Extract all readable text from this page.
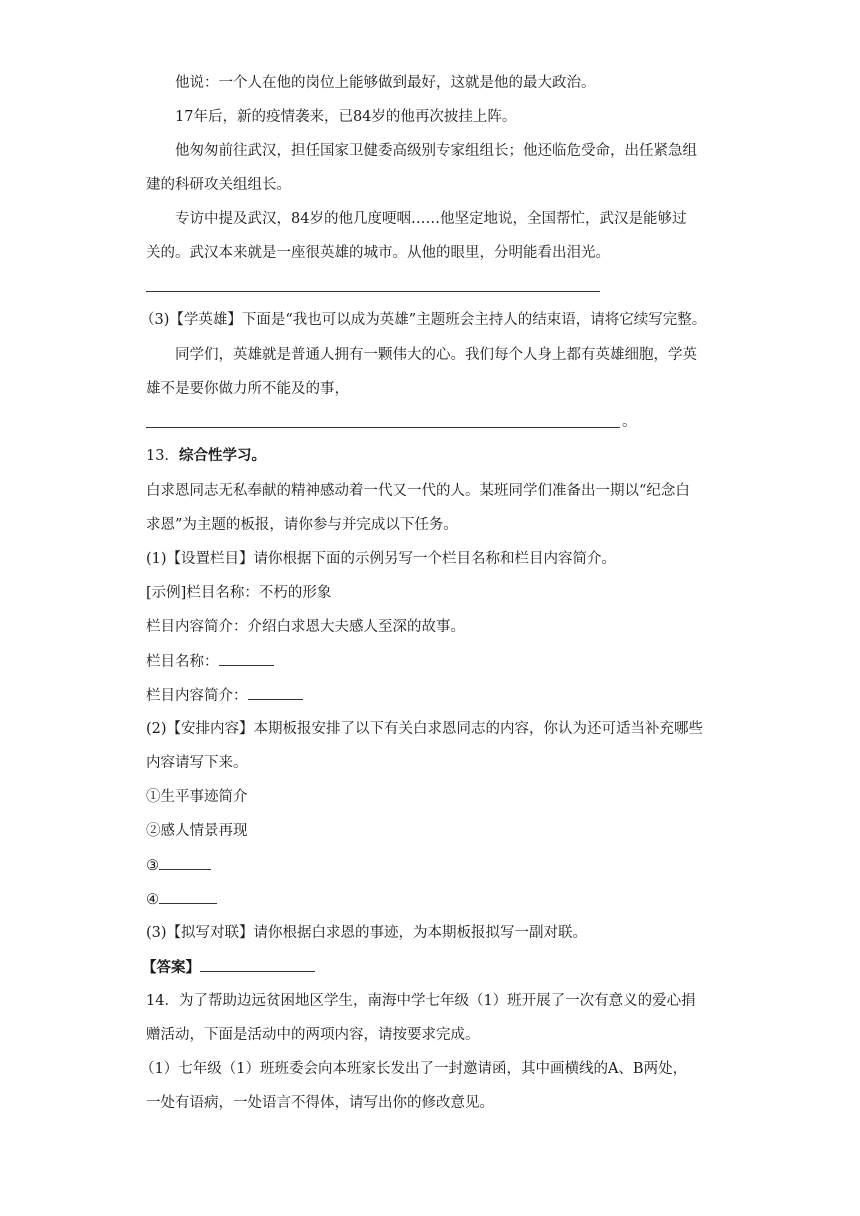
他说：一个人在他的岗位上能够做到最好，这就是他的最大政治。
17年后，新的疫情袭来，已84岁的他再次披挂上阵。
他匆匆前往武汉，担任国家卫健委高级别专家组组长；他还临危受命，出任紧急组
建的科研攻关组组长。
专访中提及武汉，84岁的他几度哽咽……他坚定地说，全国帮忙，武汉是能够过
关的。武汉本来就是一座很英雄的城市。从他的眼里，分明能看出泪光。
（3)【学英雄】下面是“我也可以成为英雄”主题班会主持人的结束语，请将它续写完整。
同学们，英雄就是普通人拥有一颗伟大的心。我们每个人身上都有英雄细胞，学英
雄不是要你做力所不能及的事，
。
13．综合性学习。
白求恩同志无私奉献的精神感动着一代又一代的人。某班同学们准备出一期以“纪念白
求恩”为主题的板报，请你参与并完成以下任务。
(1)【设置栏目】请你根据下面的示例另写一个栏目名称和栏目内容简介。
[示例]栏目名称：不朽的形象
栏目内容简介：介绍白求恩大夫感人至深的故事。
栏目名称：
栏目内容简介：
(2)【安排内容】本期板报安排了以下有关白求恩同志的内容，你认为还可适当补充哪些
内容请写下来。
①生平事迹简介
②感人情景再现
③
④
(3)【拟写对联】请你根据白求恩的事迹，为本期板报拟写一副对联。
【答案】
14．为了帮助边远贫困地区学生，南海中学七年级（1）班开展了一次有意义的爱心捐
赠活动，下面是活动中的两项内容，请按要求完成。
（1）七年级（1）班班委会向本班家长发出了一封邀请函，其中画横线的A、B两处，
一处有语病，一处语言不得体，请写出你的修改意见。
